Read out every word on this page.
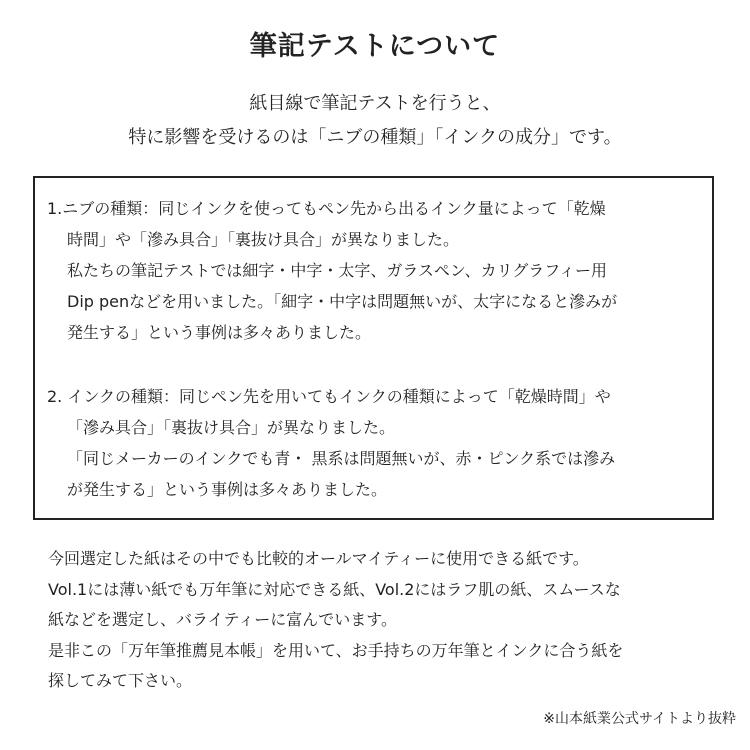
筆記テストについて
紙目線で筆記テストを行うと、
特に影響を受けるのは「ニブの種類」「インクの成分」です。
1.ニブの種類：同じインクを使ってもペン先から出るインク量によって「乾燥
時間」や「滲み具合」「裏抜け具合」が異なりました。
私たちの筆記テストでは細字・中字・太字、ガラスペン、カリグラフィー用
Dip penなどを用いました。「細字・中字は問題無いが、太字になると滲みが
発生する」という事例は多々ありました。
2. インクの種類：同じペン先を用いてもインクの種類によって「乾燥時間」や
「滲み具合」「裏抜け具合」が異なりました。
「同じメーカーのインクでも青・ 黒系は問題無いが、赤・ピンク系では滲み
が発生する」という事例は多々ありました。
今回選定した紙はその中でも比較的オールマイティーに使用できる紙です。
Vol.1には薄い紙でも万年筆に対応できる紙、Vol.2にはラフ肌の紙、スムースな
紙などを選定し、バライティーに富んでいます。
是非この「万年筆推薦見本帳」を用いて、お手持ちの万年筆とインクに合う紙を
探してみて下さい。
※山本紙業公式サイトより抜粋
